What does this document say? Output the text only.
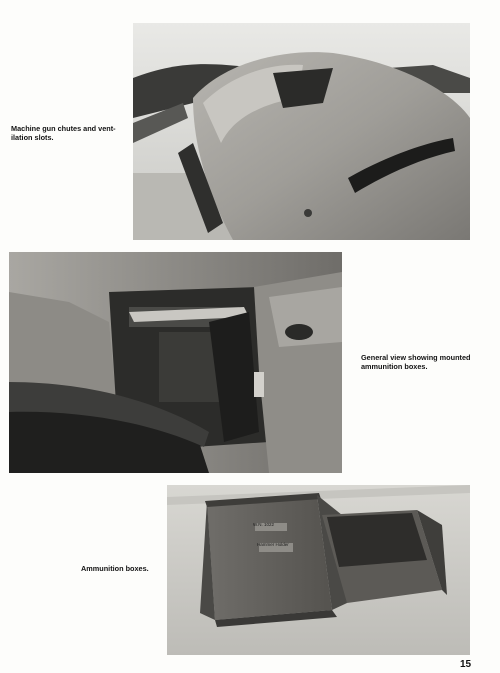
Machine gun chutes and vent-
ilation slots.
General view showing mounted
ammunition boxes.
W.N. 1022
Hammer Holder
Ammunition boxes.
15
